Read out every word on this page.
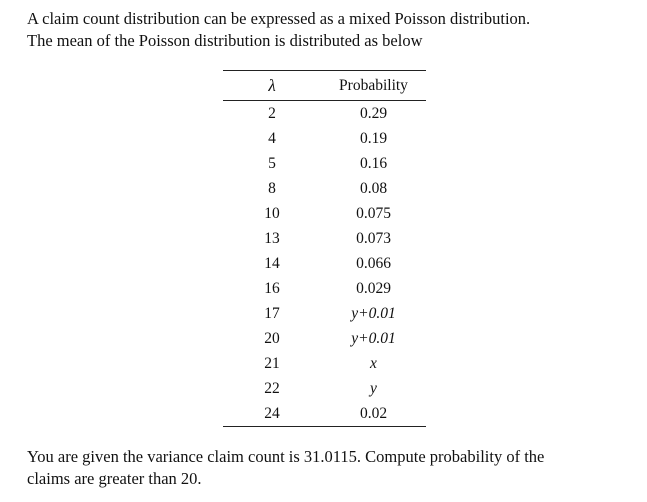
A claim count distribution can be expressed as a mixed Poisson distribution.

The mean of the Poisson distribution is distributed as below

λ	Probability
2	0.29
4	0.19
5	0.16
8	0.08
10	0.075
13	0.073
14	0.066
16	0.029
17	y+0.01
20	y+0.01
21	x
22	y
24	0.02

You are given the variance claim count is 31.0115. Compute probability of the

claims are greater than 20.
